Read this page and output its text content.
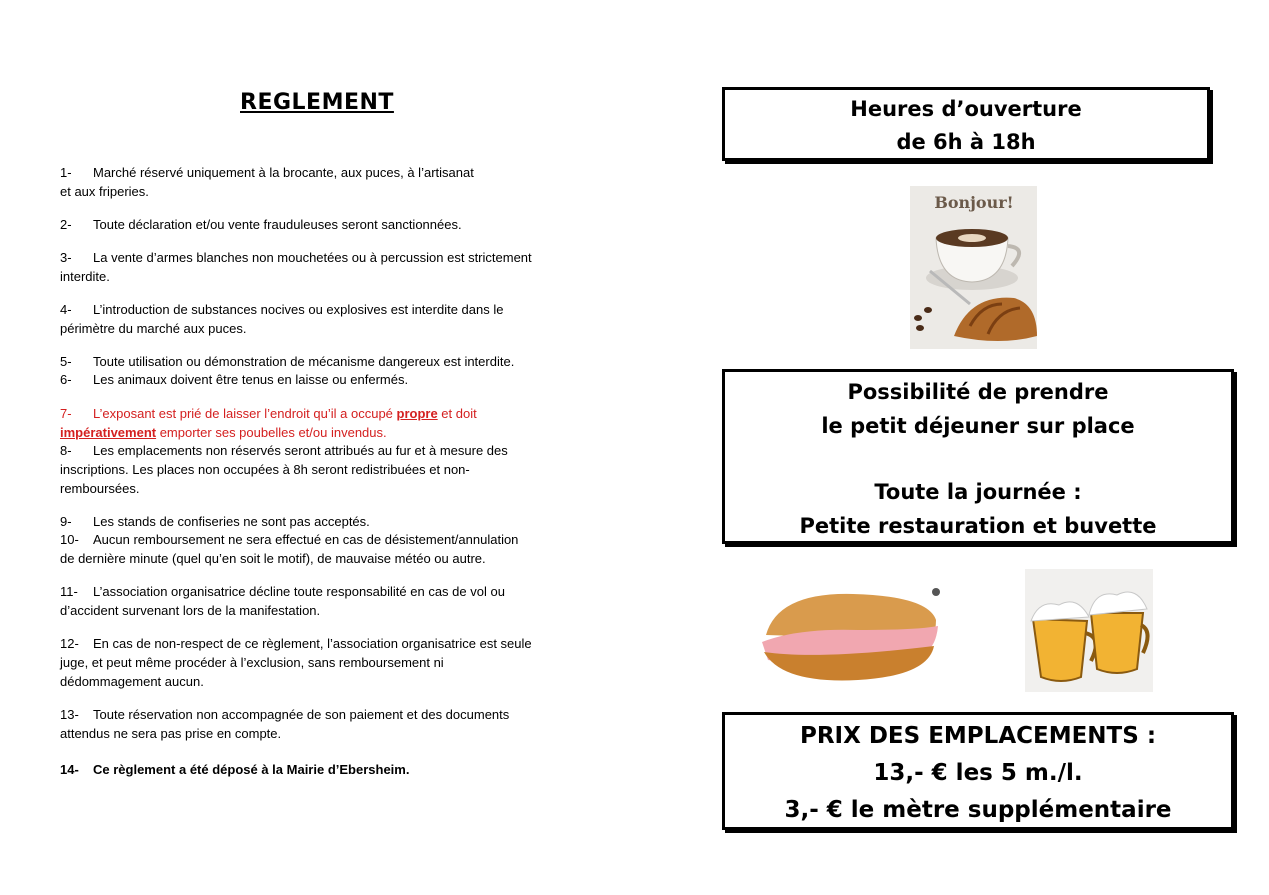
REGLEMENT
1- Marché réservé uniquement à la brocante, aux puces, à l’artisanat
et aux friperies.
2- Toute déclaration et/ou vente frauduleuses seront sanctionnées.
3- La vente d’armes blanches non mouchetées ou à percussion est strictement
interdite.
4- L’introduction de substances nocives ou explosives est interdite dans le
périmètre du marché aux puces.
5- Toute utilisation ou démonstration de mécanisme dangereux est interdite.
6- Les animaux doivent être tenus en laisse ou enfermés.
7- L’exposant est prié de laisser l’endroit qu’il a occupé propre et doit
impérativement emporter ses poubelles et/ou invendus.
8- Les emplacements non réservés seront attribués au fur et à mesure des
inscriptions. Les places non occupées à 8h seront redistribuées et non-
remboursées.
9- Les stands de confiseries ne sont pas acceptés.
10- Aucun remboursement ne sera effectué en cas de désistement/annulation
de dernière minute (quel qu’en soit le motif), de mauvaise météo ou autre.
11- L’association organisatrice décline toute responsabilité en cas de vol ou
d’accident survenant lors de la manifestation.
12- En cas de non-respect de ce règlement, l’association organisatrice est seule
juge, et peut même procéder à l’exclusion, sans remboursement ni
dédommagement aucun.
13- Toute réservation non accompagnée de son paiement et des documents
attendus ne sera pas prise en compte.
14- Ce règlement a été déposé à la Mairie d’Ebersheim.
Heures d’ouverture
de 6h à 18h
Bonjour!
Possibilité de prendre
le petit déjeuner sur place
Toute la journée :
Petite restauration et buvette
PRIX DES EMPLACEMENTS :
13,- € les 5 m./l.
3,- € le mètre supplémentaire
